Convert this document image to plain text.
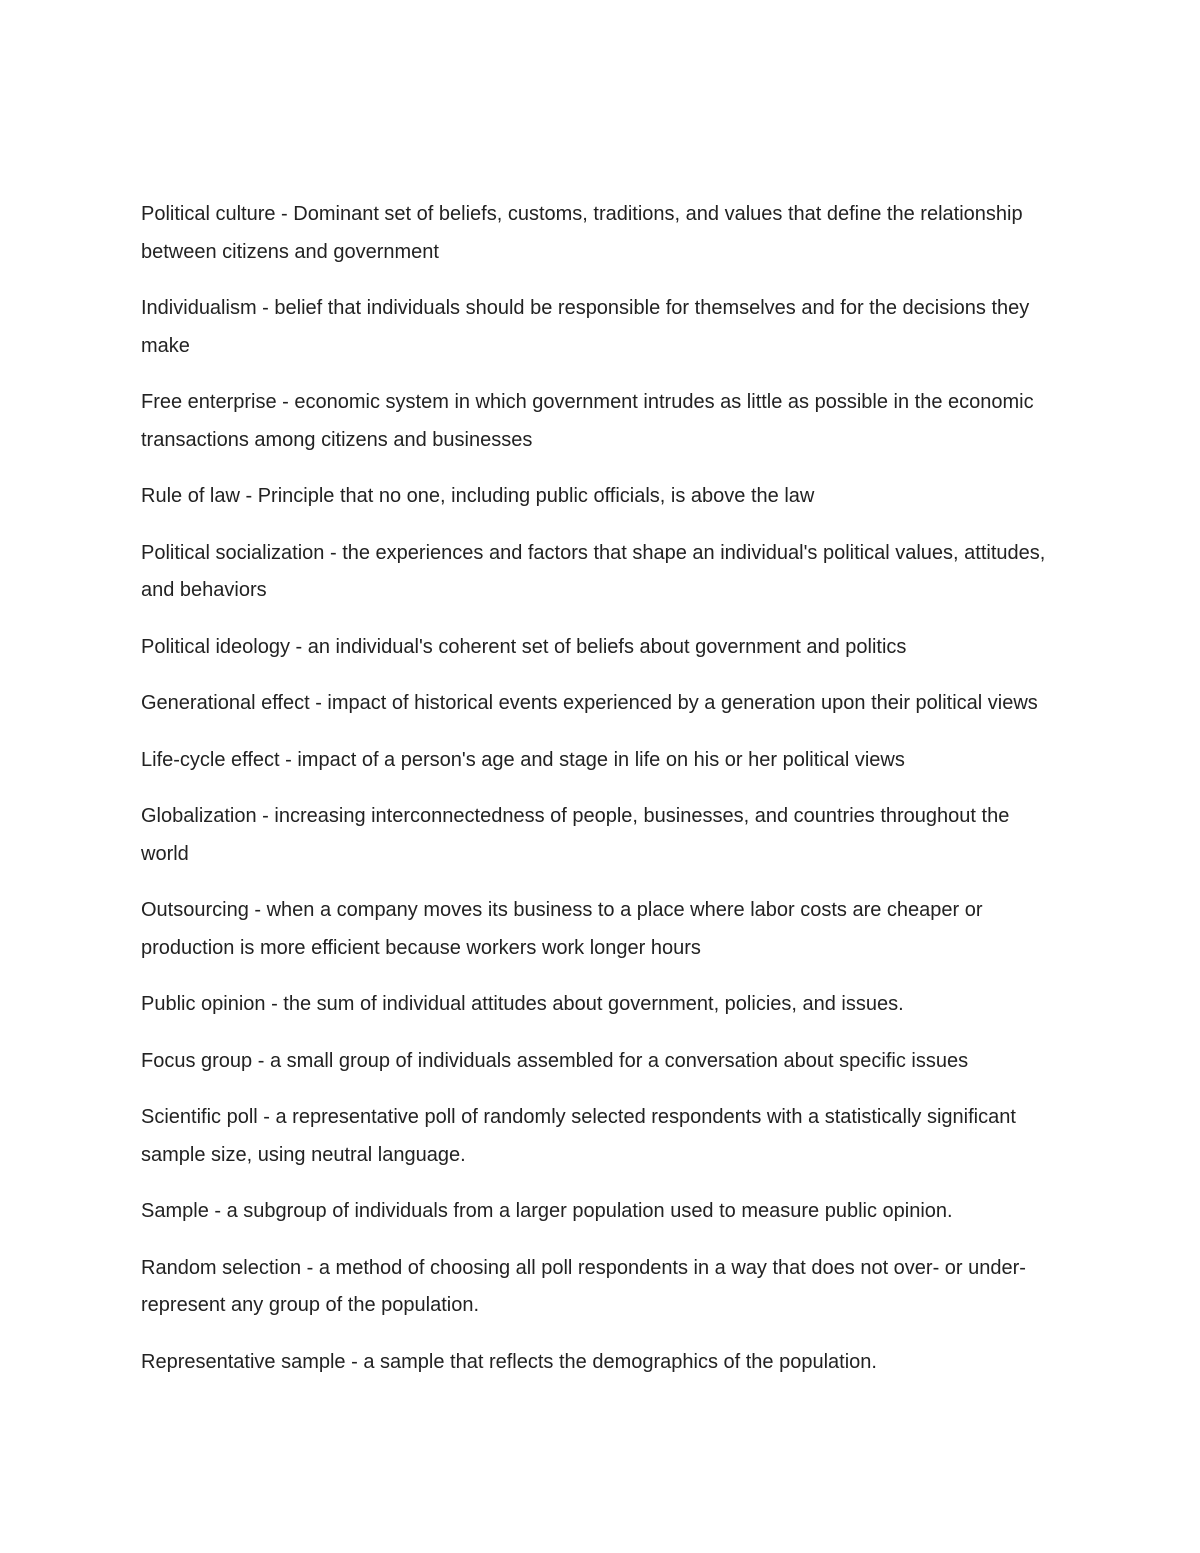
Political culture - Dominant set of beliefs, customs, traditions, and values that define the relationship between citizens and government

Individualism - belief that individuals should be responsible for themselves and for the decisions they make

Free enterprise - economic system in which government intrudes as little as possible in the economic transactions among citizens and businesses

Rule of law - Principle that no one, including public officials, is above the law

Political socialization - the experiences and factors that shape an individual's political values, attitudes, and behaviors

Political ideology - an individual's coherent set of beliefs about government and politics

Generational effect - impact of historical events experienced by a generation upon their political views

Life-cycle effect - impact of a person's age and stage in life on his or her political views

Globalization - increasing interconnectedness of people, businesses, and countries throughout the world

Outsourcing - when a company moves its business to a place where labor costs are cheaper or production is more efficient because workers work longer hours

Public opinion - the sum of individual attitudes about government, policies, and issues.

Focus group - a small group of individuals assembled for a conversation about specific issues

Scientific poll - a representative poll of randomly selected respondents with a statistically significant sample size, using neutral language.

Sample - a subgroup of individuals from a larger population used to measure public opinion.

Random selection - a method of choosing all poll respondents in a way that does not over- or under-represent any group of the population.

Representative sample - a sample that reflects the demographics of the population.
